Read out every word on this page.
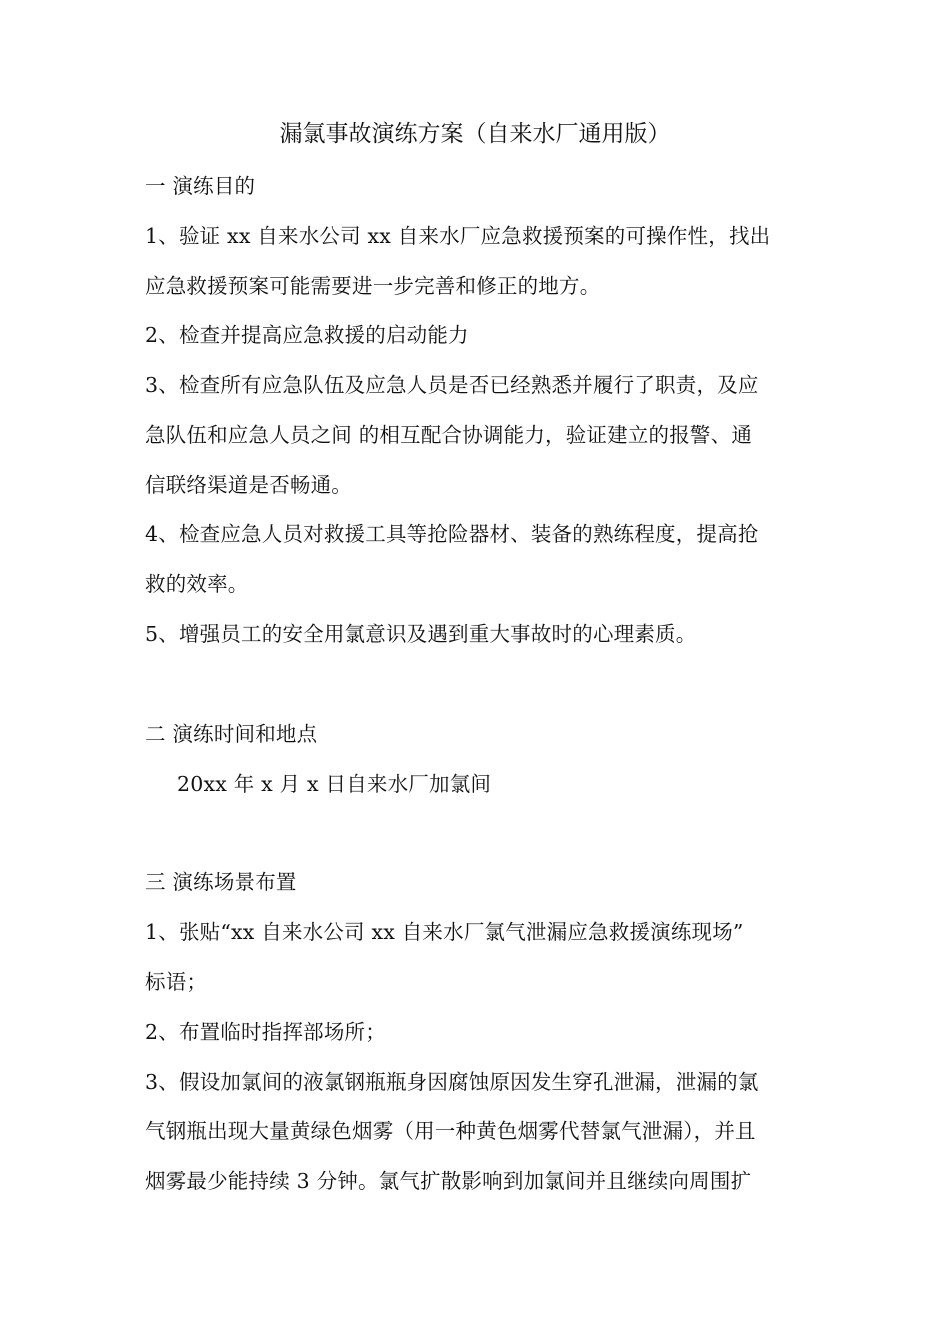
漏氯事故演练方案（自来水厂通用版）
一 演练目的
1、验证 xx 自来水公司 xx 自来水厂应急救援预案的可操作性，找出
应急救援预案可能需要进一步完善和修正的地方。
2、检查并提高应急救援的启动能力
3、检查所有应急队伍及应急人员是否已经熟悉并履行了职责，及应
急队伍和应急人员之间 的相互配合协调能力，验证建立的报警、通
信联络渠道是否畅通。
4、检查应急人员对救援工具等抢险器材、装备的熟练程度，提高抢
救的效率。
5、增强员工的安全用氯意识及遇到重大事故时的心理素质。
二 演练时间和地点
20xx 年 x 月 x 日自来水厂加氯间
三 演练场景布置
1、张贴“xx 自来水公司 xx 自来水厂氯气泄漏应急救援演练现场”
标语；
2、布置临时指挥部场所；
3、假设加氯间的液氯钢瓶瓶身因腐蚀原因发生穿孔泄漏，泄漏的氯
气钢瓶出现大量黄绿色烟雾（用一种黄色烟雾代替氯气泄漏），并且
烟雾最少能持续 3 分钟。氯气扩散影响到加氯间并且继续向周围扩
